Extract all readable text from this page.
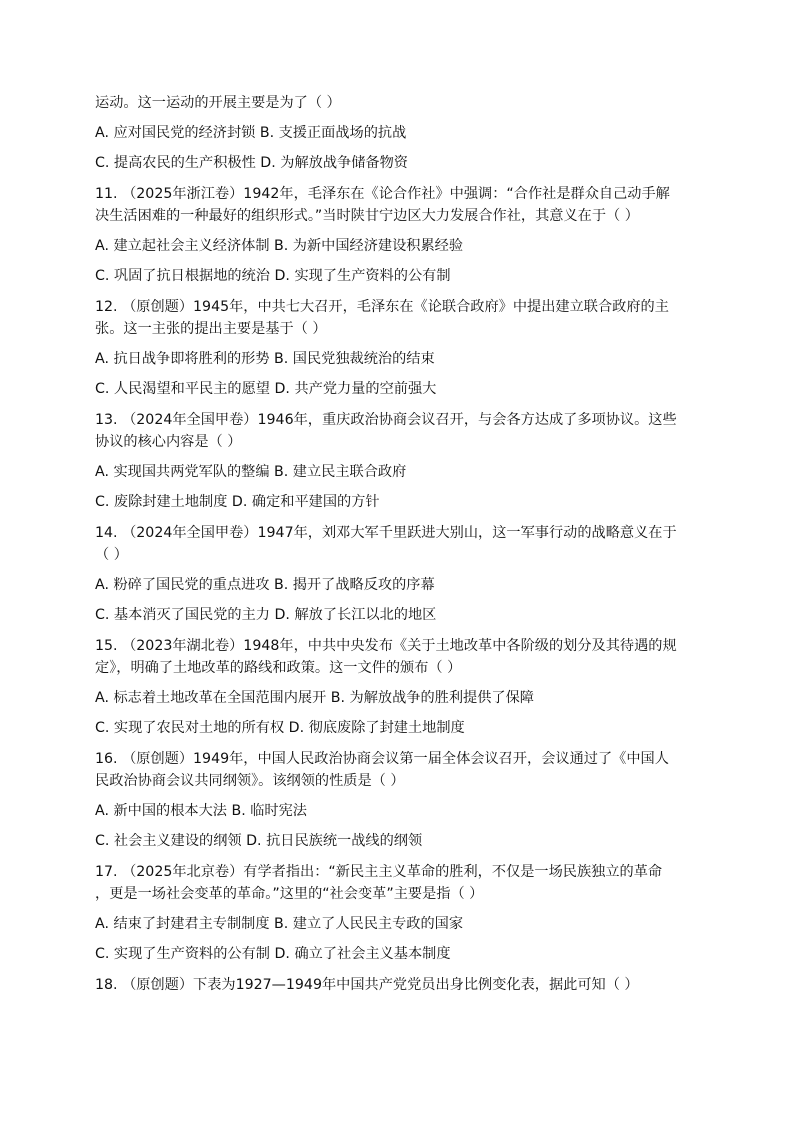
运动。这一运动的开展主要是为了（ ）

A. 应对国民党的经济封锁 B. 支援正面战场的抗战

C. 提高农民的生产积极性 D. 为解放战争储备物资

11. （2025年浙江卷）1942年，毛泽东在《论合作社》中强调：“合作社是群众自己动手解

决生活困难的一种最好的组织形式。”当时陕甘宁边区大力发展合作社，其意义在于（ ）

A. 建立起社会主义经济体制 B. 为新中国经济建设积累经验

C. 巩固了抗日根据地的统治 D. 实现了生产资料的公有制

12. （原创题）1945年，中共七大召开，毛泽东在《论联合政府》中提出建立联合政府的主

张。这一主张的提出主要是基于（ ）

A. 抗日战争即将胜利的形势 B. 国民党独裁统治的结束

C. 人民渴望和平民主的愿望 D. 共产党力量的空前强大

13. （2024年全国甲卷）1946年，重庆政治协商会议召开，与会各方达成了多项协议。这些

协议的核心内容是（ ）

A. 实现国共两党军队的整编 B. 建立民主联合政府

C. 废除封建土地制度 D. 确定和平建国的方针

14. （2024年全国甲卷）1947年，刘邓大军千里跃进大别山，这一军事行动的战略意义在于

（ ）

A. 粉碎了国民党的重点进攻 B. 揭开了战略反攻的序幕

C. 基本消灭了国民党的主力 D. 解放了长江以北的地区

15. （2023年湖北卷）1948年，中共中央发布《关于土地改革中各阶级的划分及其待遇的规

定》，明确了土地改革的路线和政策。这一文件的颁布（ ）

A. 标志着土地改革在全国范围内展开 B. 为解放战争的胜利提供了保障

C. 实现了农民对土地的所有权 D. 彻底废除了封建土地制度

16. （原创题）1949年，中国人民政治协商会议第一届全体会议召开，会议通过了《中国人

民政治协商会议共同纲领》。该纲领的性质是（ ）

A. 新中国的根本大法 B. 临时宪法

C. 社会主义建设的纲领 D. 抗日民族统一战线的纲领

17. （2025年北京卷）有学者指出：“新民主主义革命的胜利，不仅是一场民族独立的革命

，更是一场社会变革的革命。”这里的“社会变革”主要是指（ ）

A. 结束了封建君主专制制度 B. 建立了人民民主专政的国家

C. 实现了生产资料的公有制 D. 确立了社会主义基本制度

18. （原创题）下表为1927—1949年中国共产党党员出身比例变化表，据此可知（ ）
